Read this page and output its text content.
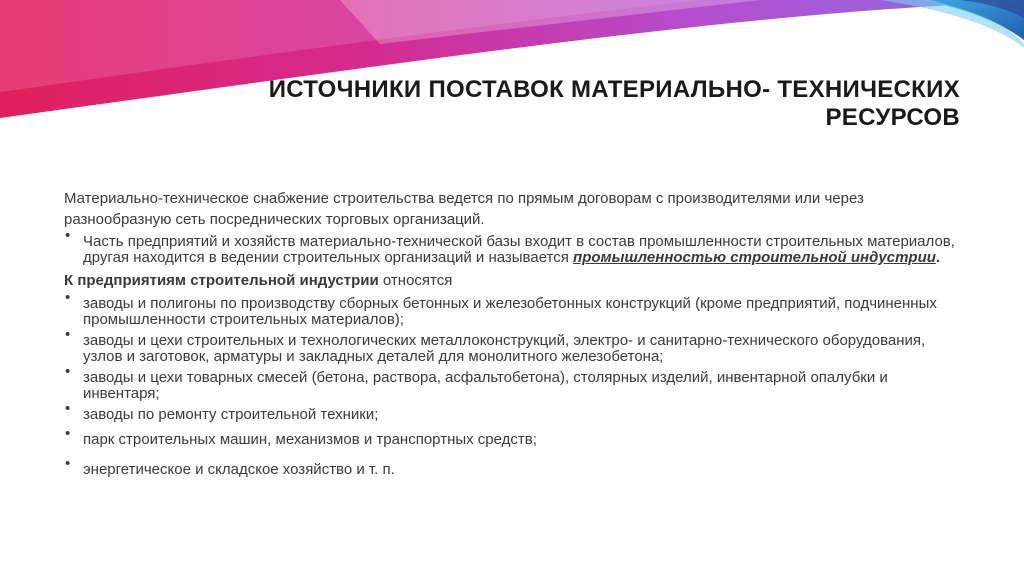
ИСТОЧНИКИ ПОСТАВОК МАТЕРИАЛЬНО- ТЕХНИЧЕСКИХ
РЕСУРСОВ

Материально-техническое снабжение строительства ведется по прямым договорам с производителями или через разнообразную сеть посреднических торговых организаций.

• Часть предприятий и хозяйств материально-технической базы входит в состав промышленности строительных материалов, другая находится в ведении строительных организаций и называется промышленностью строительной индустрии.
К предприятиям строительной индустрии относятся
• заводы и полигоны по производству сборных бетонных и железобетонных конструкций (кроме предприятий, подчиненных промышленности строительных материалов);
• заводы и цехи строительных и технологических металлоконструкций, электро- и санитарно-технического оборудования, узлов и заготовок, арматуры и закладных деталей для монолитного железобетона;
• заводы и цехи товарных смесей (бетона, раствора, асфальтобетона), столярных изделий, инвентарной опалубки и инвентаря;
• заводы по ремонту строительной техники;
• парк строительных машин, механизмов и транспортных средств;
• энергетическое и складское хозяйство и т. п.
